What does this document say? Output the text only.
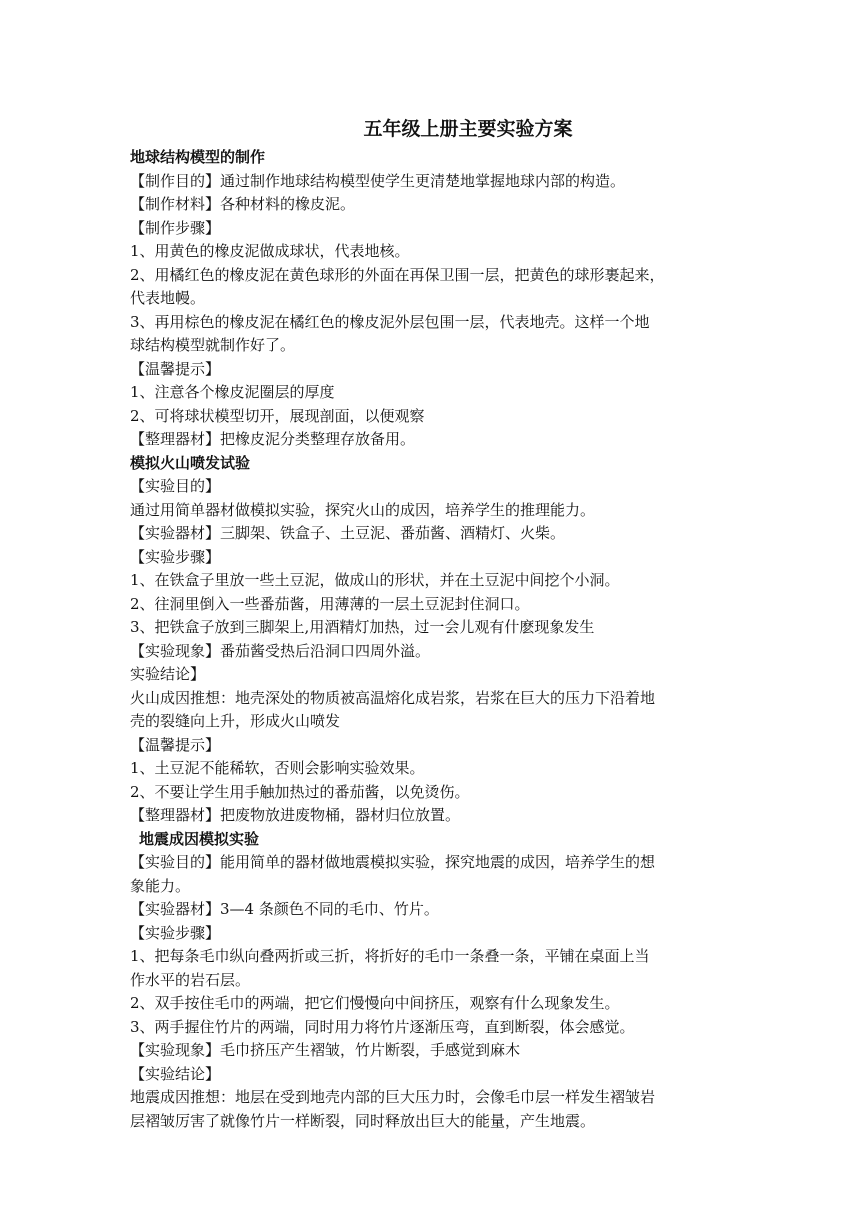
五年级上册主要实验方案
地球结构模型的制作
【制作目的】通过制作地球结构模型使学生更清楚地掌握地球内部的构造。
【制作材料】各种材料的橡皮泥。
【制作步骤】
1、用黄色的橡皮泥做成球状，代表地核。
2、用橘红色的橡皮泥在黄色球形的外面在再保卫围一层，把黄色的球形裹起来，
代表地幔。
3、再用棕色的橡皮泥在橘红色的橡皮泥外层包围一层，代表地壳。这样一个地
球结构模型就制作好了。
【温馨提示】
1、注意各个橡皮泥圈层的厚度
2、可将球状模型切开，展现剖面，以便观察
【整理器材】把橡皮泥分类整理存放备用。
模拟火山喷发试验
【实验目的】
通过用简单器材做模拟实验，探究火山的成因，培养学生的推理能力。
【实验器材】三脚架、铁盒子、土豆泥、番茄酱、酒精灯、火柴。
【实验步骤】
1、在铁盒子里放一些土豆泥，做成山的形状，并在土豆泥中间挖个小洞。
2、往洞里倒入一些番茄酱，用薄薄的一层土豆泥封住洞口。
3、把铁盒子放到三脚架上,用酒精灯加热，过一会儿观有什麽现象发生
【实验现象】番茄酱受热后沿洞口四周外溢。
实验结论】
火山成因推想：地壳深处的物质被高温熔化成岩浆，岩浆在巨大的压力下沿着地
壳的裂缝向上升，形成火山喷发
【温馨提示】
1、土豆泥不能稀软，否则会影响实验效果。
2、不要让学生用手触加热过的番茄酱，以免烫伤。
【整理器材】把废物放进废物桶，器材归位放置。
地震成因模拟实验
【实验目的】能用简单的器材做地震模拟实验，探究地震的成因，培养学生的想
象能力。
【实验器材】3—4 条颜色不同的毛巾、竹片。
【实验步骤】
1、把每条毛巾纵向叠两折或三折，将折好的毛巾一条叠一条，平铺在桌面上当
作水平的岩石层。
2、双手按住毛巾的两端，把它们慢慢向中间挤压，观察有什么现象发生。
3、两手握住竹片的两端，同时用力将竹片逐渐压弯，直到断裂，体会感觉。
【实验现象】毛巾挤压产生褶皱，竹片断裂，手感觉到麻木
【实验结论】
地震成因推想：地层在受到地壳内部的巨大压力时，会像毛巾层一样发生褶皱岩
层褶皱厉害了就像竹片一样断裂，同时释放出巨大的能量，产生地震。
